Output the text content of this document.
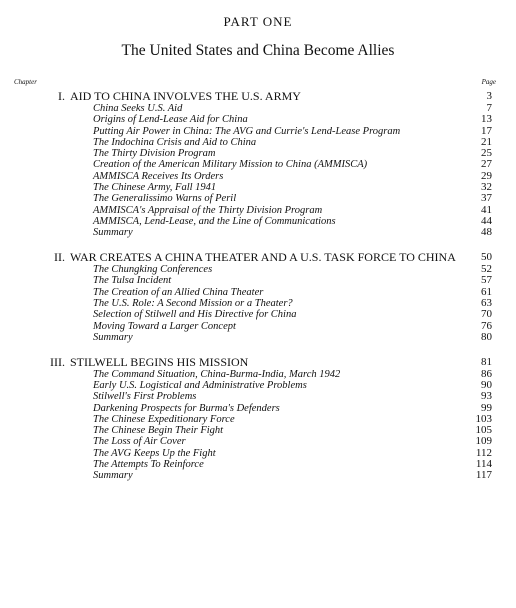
PART ONE
The United States and China Become Allies
Chapter	Page
I. AID TO CHINA INVOLVES THE U.S. ARMY	3
China Seeks U.S. Aid	7
Origins of Lend-Lease Aid for China	13
Putting Air Power in China: The AVG and Currie's Lend-Lease Program	17
The Indochina Crisis and Aid to China	21
The Thirty Division Program	25
Creation of the American Military Mission to China (AMMISCA)	27
AMMISCA Receives Its Orders	29
The Chinese Army, Fall 1941	32
The Generalissimo Warns of Peril	37
AMMISCA's Appraisal of the Thirty Division Program	41
AMMISCA, Lend-Lease, and the Line of Communications	44
Summary	48
II. WAR CREATES A CHINA THEATER AND A U.S. TASK FORCE TO CHINA 50
The Chungking Conferences	52
The Tulsa Incident	57
The Creation of an Allied China Theater	61
The U.S. Role: A Second Mission or a Theater?	63
Selection of Stilwell and His Directive for China	70
Moving Toward a Larger Concept	76
Summary	80
III. STILWELL BEGINS HIS MISSION	81
The Command Situation, China-Burma-India, March 1942	86
Early U.S. Logistical and Administrative Problems	90
Stilwell's First Problems	93
Darkening Prospects for Burma's Defenders	99
The Chinese Expeditionary Force	103
The Chinese Begin Their Fight	105
The Loss of Air Cover	109
The AVG Keeps Up the Fight	112
The Attempts To Reinforce	114
Summary	117
